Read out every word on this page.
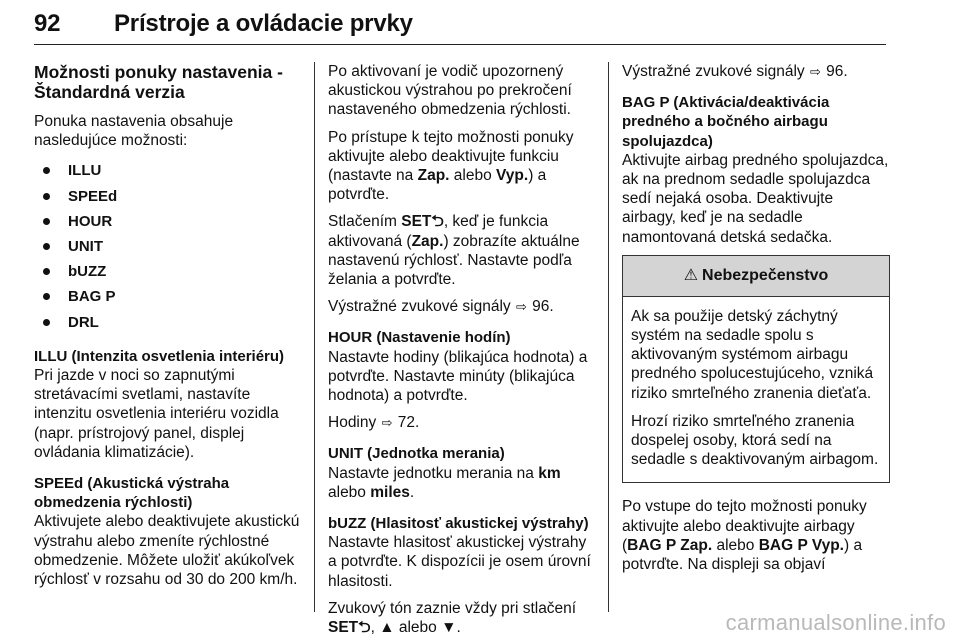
92	Prístroje a ovládacie prvky
Možnosti ponuky nastavenia - Štandardná verzia

Ponuka nastavenia obsahuje nasledujúce možnosti:

ILLU
SPEEd
HOUR
UNIT
bUZZ
BAG P
DRL
ILLU (Intenzita osvetlenia interiéru)

Pri jazde v noci so zapnutými stretávacími svetlami, nastavíte intenzitu osvetlenia interiéru vozidla (napr. prístrojový panel, displej ovládania klimatizácie).

SPEEd (Akustická výstraha obmedzenia rýchlosti)

Aktivujete alebo deaktivujete akustickú výstrahu alebo zmeníte rýchlostné obmedzenie. Môžete uložiť akúkoľvek rýchlosť v rozsahu od 30 do 200 km/h.

Po aktivovaní je vodič upozornený akustickou výstrahou po prekročení nastaveného obmedzenia rýchlosti.

Po prístupe k tejto možnosti ponuky aktivujte alebo deaktivujte funkciu (nastavte na Zap. alebo Vyp.) a potvrďte.

Stlačením SET⮌, keď je funkcia aktivovaná (Zap.) zobrazíte aktuálne nastavenú rýchlosť. Nastavte podľa želania a potvrďte.

Výstražné zvukové signály ⇨ 96.

HOUR (Nastavenie hodín)

Nastavte hodiny (blikajúca hodnota) a potvrďte. Nastavte minúty (blikajúca hodnota) a potvrďte.

Hodiny ⇨ 72.

UNIT (Jednotka merania)

Nastavte jednotku merania na km alebo miles.

bUZZ (Hlasitosť akustickej výstrahy)

Nastavte hlasitosť akustickej výstrahy a potvrďte. K dispozícii je osem úrovní hlasitosti.

Zvukový tón zaznie vždy pri stlačení SET⮌, ▲ alebo ▼.

Výstražné zvukové signály ⇨ 96.

BAG P (Aktivácia/deaktivácia predného a bočného airbagu spolujazdca)

Aktivujte airbag predného spolujazdca, ak na prednom sedadle spolujazdca sedí nejaká osoba. Deaktivujte airbagy, keď je na sedadle namontovaná detská sedačka.

⚠ Nebezpečenstvo

Ak sa použije detský záchytný systém na sedadle spolu s aktivovaným systémom airbagu predného spolucestujúceho, vzniká riziko smrteľného zranenia dieťaťa.

Hrozí riziko smrteľného zranenia dospelej osoby, ktorá sedí na sedadle s deaktivovaným airbagom.

Po vstupe do tejto možnosti ponuky aktivujte alebo deaktivujte airbagy (BAG P Zap. alebo BAG P Vyp.) a potvrďte. Na displeji sa objaví

carmanualsonline.info
